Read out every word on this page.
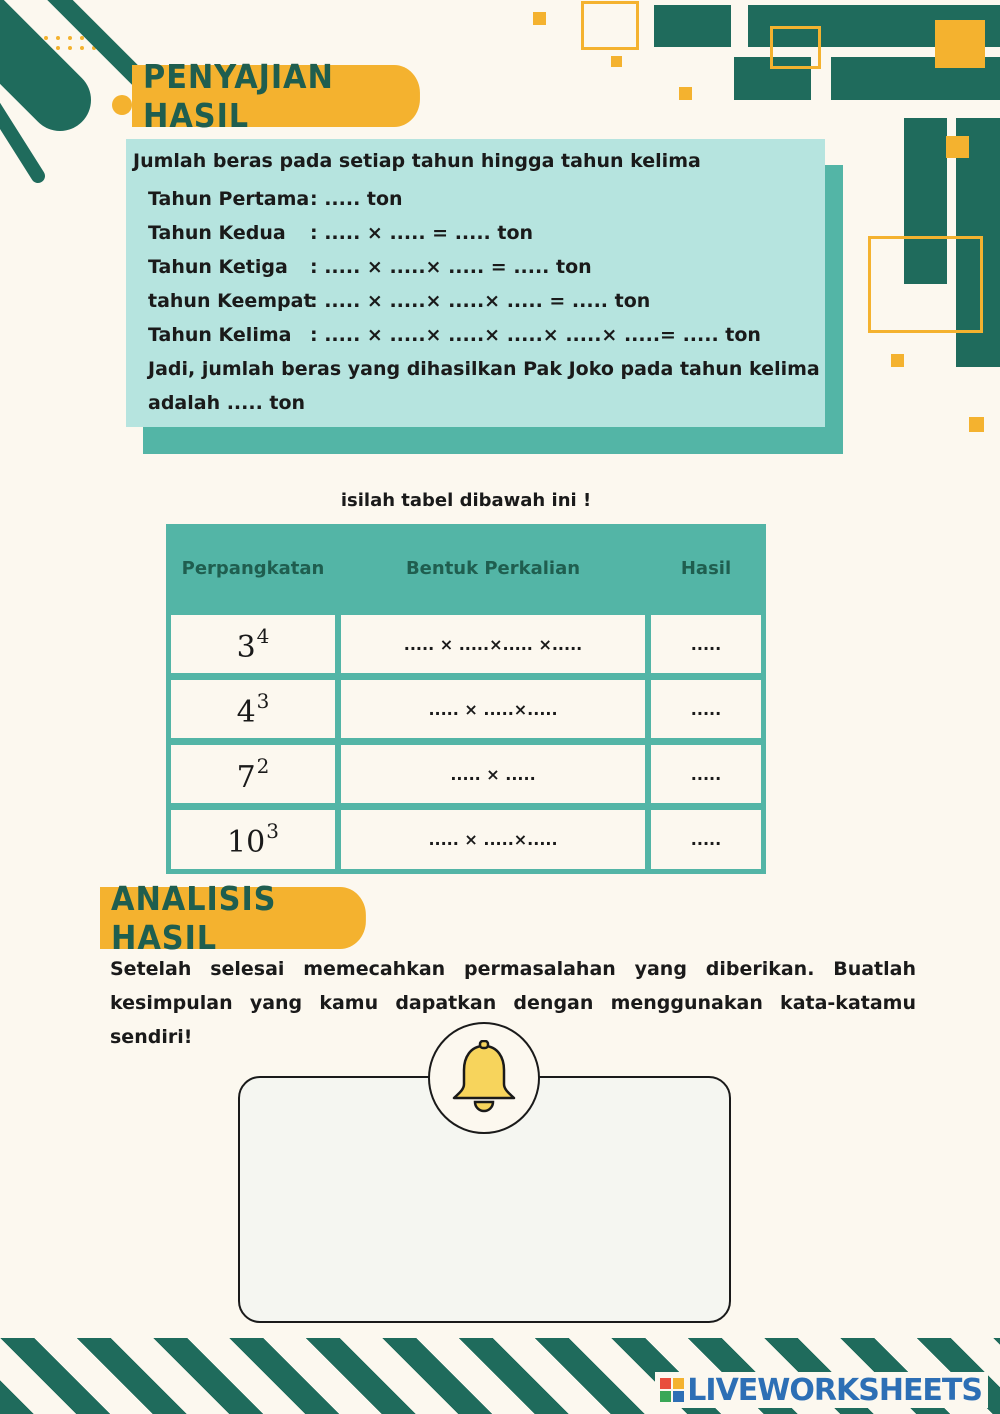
PENYAJIAN HASIL
Jumlah beras pada setiap tahun hingga tahun kelima
Tahun Pertama: ..... ton
Tahun Kedua : ..... × ..... = ..... ton
Tahun Ketiga : ..... × .....× ..... = ..... ton
tahun Keempat: ..... × .....× .....× ..... = ..... ton
Tahun Kelima : ..... × .....× .....× .....× .....× .....= ..... ton
Jadi, jumlah beras yang dihasilkan Pak Joko pada tahun kelima
adalah ..... ton
isilah tabel dibawah ini !
Perpangkatan	Bentuk Perkalian	Hasil
$3^4$	..... × .....×..... ×.....	.....
$4^3$	..... × .....×.....	.....
$7^2$	..... × .....	.....
$10^3$	..... × .....×.....	.....
ANALISIS HASIL
Setelah selesai memecahkan permasalahan yang diberikan. Buatlah
kesimpulan yang kamu dapatkan dengan menggunakan kata-katamu
sendiri!
LIVEWORKSHEETS
